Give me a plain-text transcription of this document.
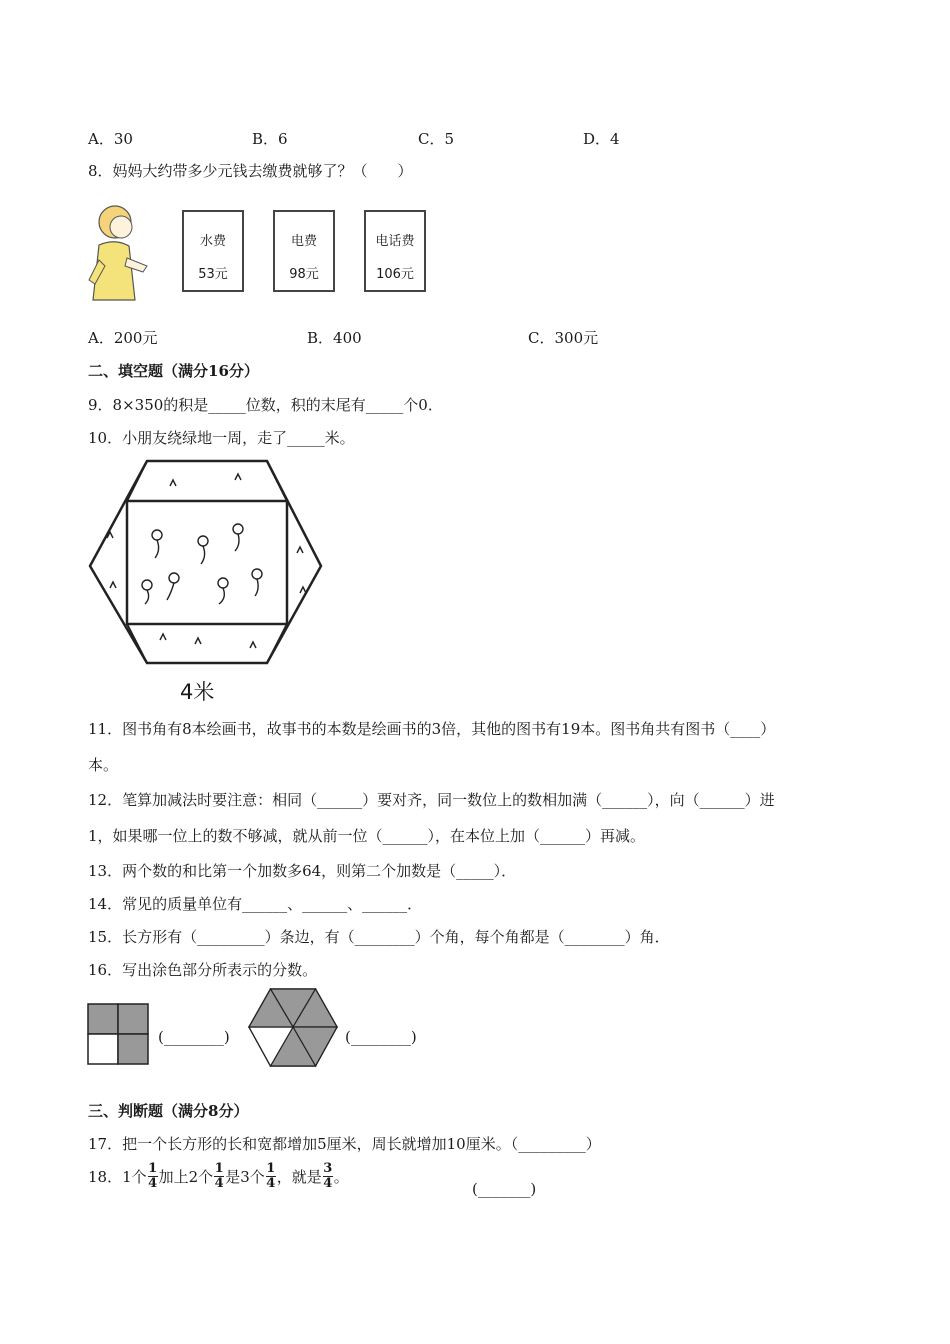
A．30	B．6	C．5	D．4
8．妈妈大约带多少元钱去缴费就够了？（　　）
水费
53元
电费
98元
电话费
106元
A．200元	B．400	C．300元
二、填空题（满分16分）
9．8×350的积是_____位数，积的末尾有_____个0．
10．小朋友绕绿地一周，走了_____米。
4米
11．图书角有8本绘画书，故事书的本数是绘画书的3倍，其他的图书有19本。图书角共有图书（____）
本。
12．笔算加减法时要注意：相同（______）要对齐，同一数位上的数相加满（______），向（______）进
1，如果哪一位上的数不够减，就从前一位（______），在本位上加（______）再减。
13．两个数的和比第一个加数多64，则第二个加数是（_____）．
14．常见的质量单位有______、______、______．
15．长方形有（_________）条边，有（________）个角，每个角都是（________）角．
16．写出涂色部分所表示的分数。
(________)	(________)
三、判断题（满分8分）
17．把一个长方形的长和宽都增加5厘米，周长就增加10厘米。（_________）
18．1个 1
4 加上2个 1
4 是3个 1
4 ，就是 3
4 。
(_______)
